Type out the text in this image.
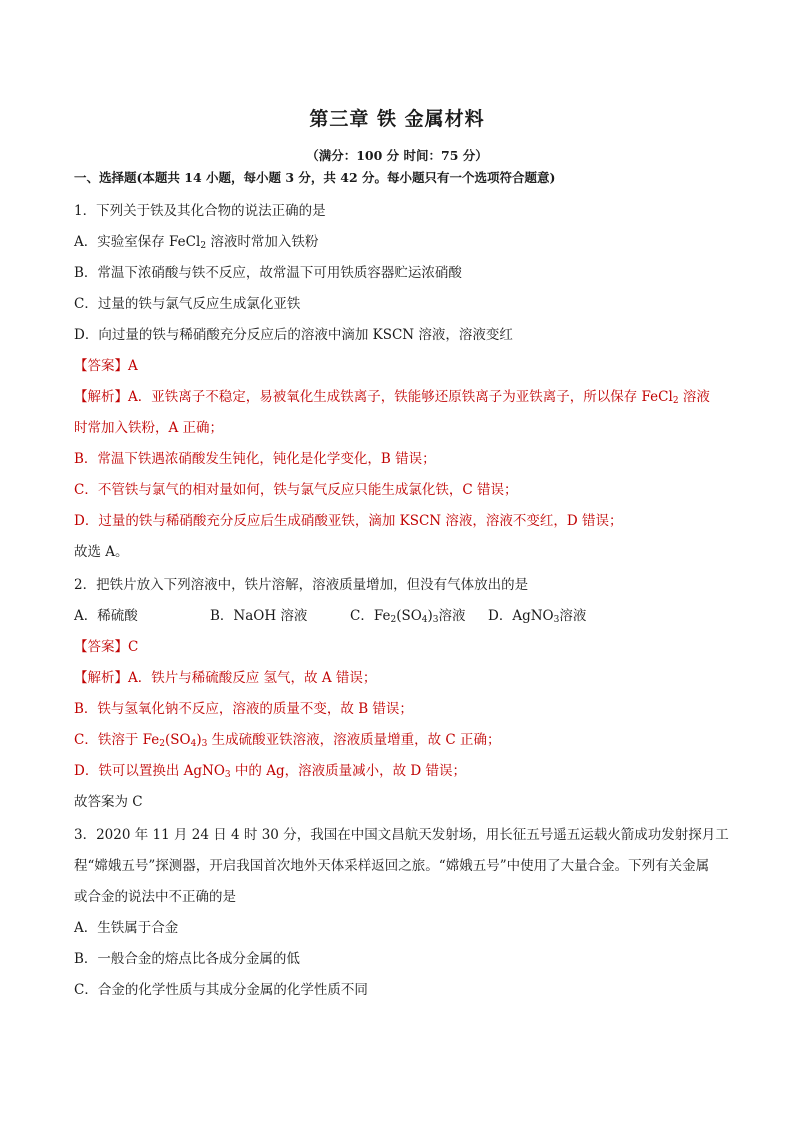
第三章 铁 金属材料
（满分：100 分 时间：75 分）
一、选择题(本题共 14 小题，每小题 3 分，共 42 分。每小题只有一个选项符合题意)
1．下列关于铁及其化合物的说法正确的是
A．实验室保存 FeCl$_2$ 溶液时常加入铁粉
B．常温下浓硝酸与铁不反应，故常温下可用铁质容器贮运浓硝酸
C．过量的铁与氯气反应生成氯化亚铁
D．向过量的铁与稀硝酸充分反应后的溶液中滴加 KSCN 溶液，溶液变红
【答案】A
【解析】A．亚铁离子不稳定，易被氧化生成铁离子，铁能够还原铁离子为亚铁离子，所以保存 FeCl$_2$ 溶液
时常加入铁粉，A 正确；
B．常温下铁遇浓硝酸发生钝化，钝化是化学变化，B 错误；
C．不管铁与氯气的相对量如何，铁与氯气反应只能生成氯化铁，C 错误；
D．过量的铁与稀硝酸充分反应后生成硝酸亚铁，滴加 KSCN 溶液，溶液不变红，D 错误；
故选 A。
2．把铁片放入下列溶液中，铁片溶解，溶液质量增加，但没有气体放出的是
A．稀硫酸	B．NaOH 溶液	C．$Fe_2(SO_4)_3$溶液	D．AgNO$_3$溶液
【答案】C
【解析】A．铁片与稀硫酸反应 氢气，故 A 错误；
B．铁与氢氧化钠不反应，溶液的质量不变，故 B 错误；
C．铁溶于 $Fe_2(SO_4)_3$ 生成硫酸亚铁溶液，溶液质量增重，故 C 正确；
D．铁可以置换出 AgNO$_3$ 中的 Ag，溶液质量减小，故 D 错误；
故答案为 C
3．2020 年 11 月 24 日 4 时 30 分，我国在中国文昌航天发射场，用长征五号遥五运载火箭成功发射探月工
程“嫦娥五号”探测器，开启我国首次地外天体采样返回之旅。“嫦娥五号”中使用了大量合金。下列有关金属
或合金的说法中不正确的是
A．生铁属于合金
B．一般合金的熔点比各成分金属的低
C．合金的化学性质与其成分金属的化学性质不同
